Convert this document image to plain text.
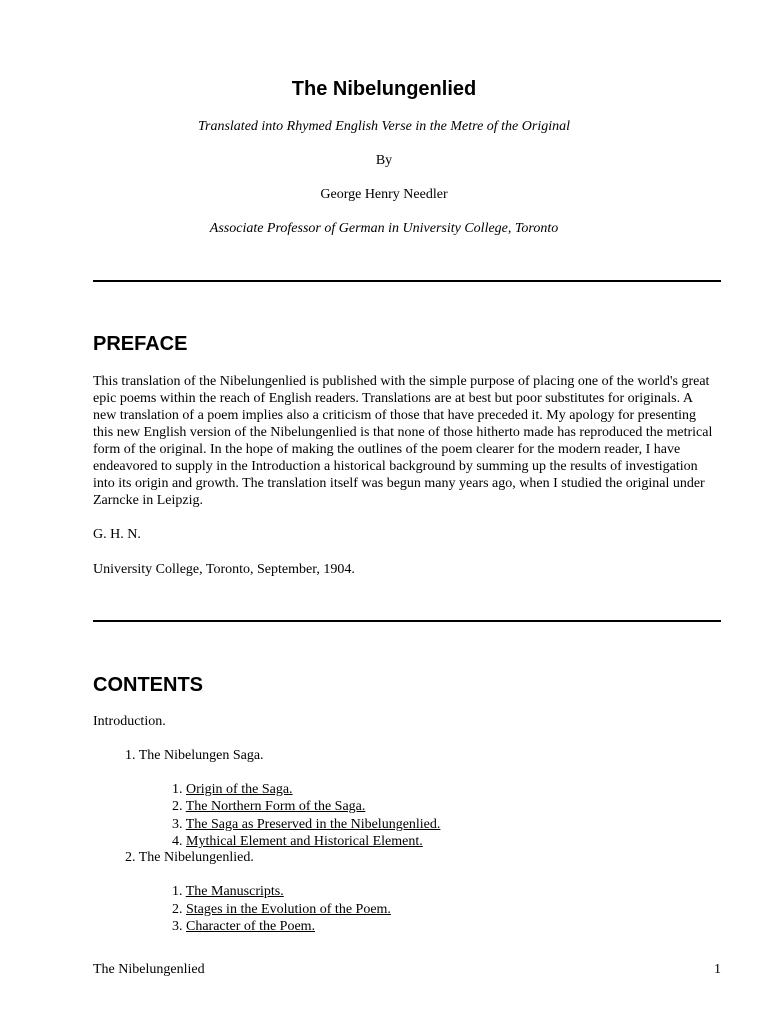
The Nibelungenlied
Translated into Rhymed English Verse in the Metre of the Original
By
George Henry Needler
Associate Professor of German in University College, Toronto
PREFACE
This translation of the Nibelungenlied is published with the simple purpose of placing one of the world's great
epic poems within the reach of English readers. Translations are at best but poor substitutes for originals. A
new translation of a poem implies also a criticism of those that have preceded it. My apology for presenting
this new English version of the Nibelungenlied is that none of those hitherto made has reproduced the metrical
form of the original. In the hope of making the outlines of the poem clearer for the modern reader, I have
endeavored to supply in the Introduction a historical background by summing up the results of investigation
into its origin and growth. The translation itself was begun many years ago, when I studied the original under
Zarncke in Leipzig.
G. H. N.
University College, Toronto, September, 1904.
CONTENTS
Introduction.
1. The Nibelungen Saga.
1. Origin of the Saga.
2. The Northern Form of the Saga.
3. The Saga as Preserved in the Nibelungenlied.
4. Mythical Element and Historical Element.
2. The Nibelungenlied.
1. The Manuscripts.
2. Stages in the Evolution of the Poem.
3. Character of the Poem.
The Nibelungenlied	1
